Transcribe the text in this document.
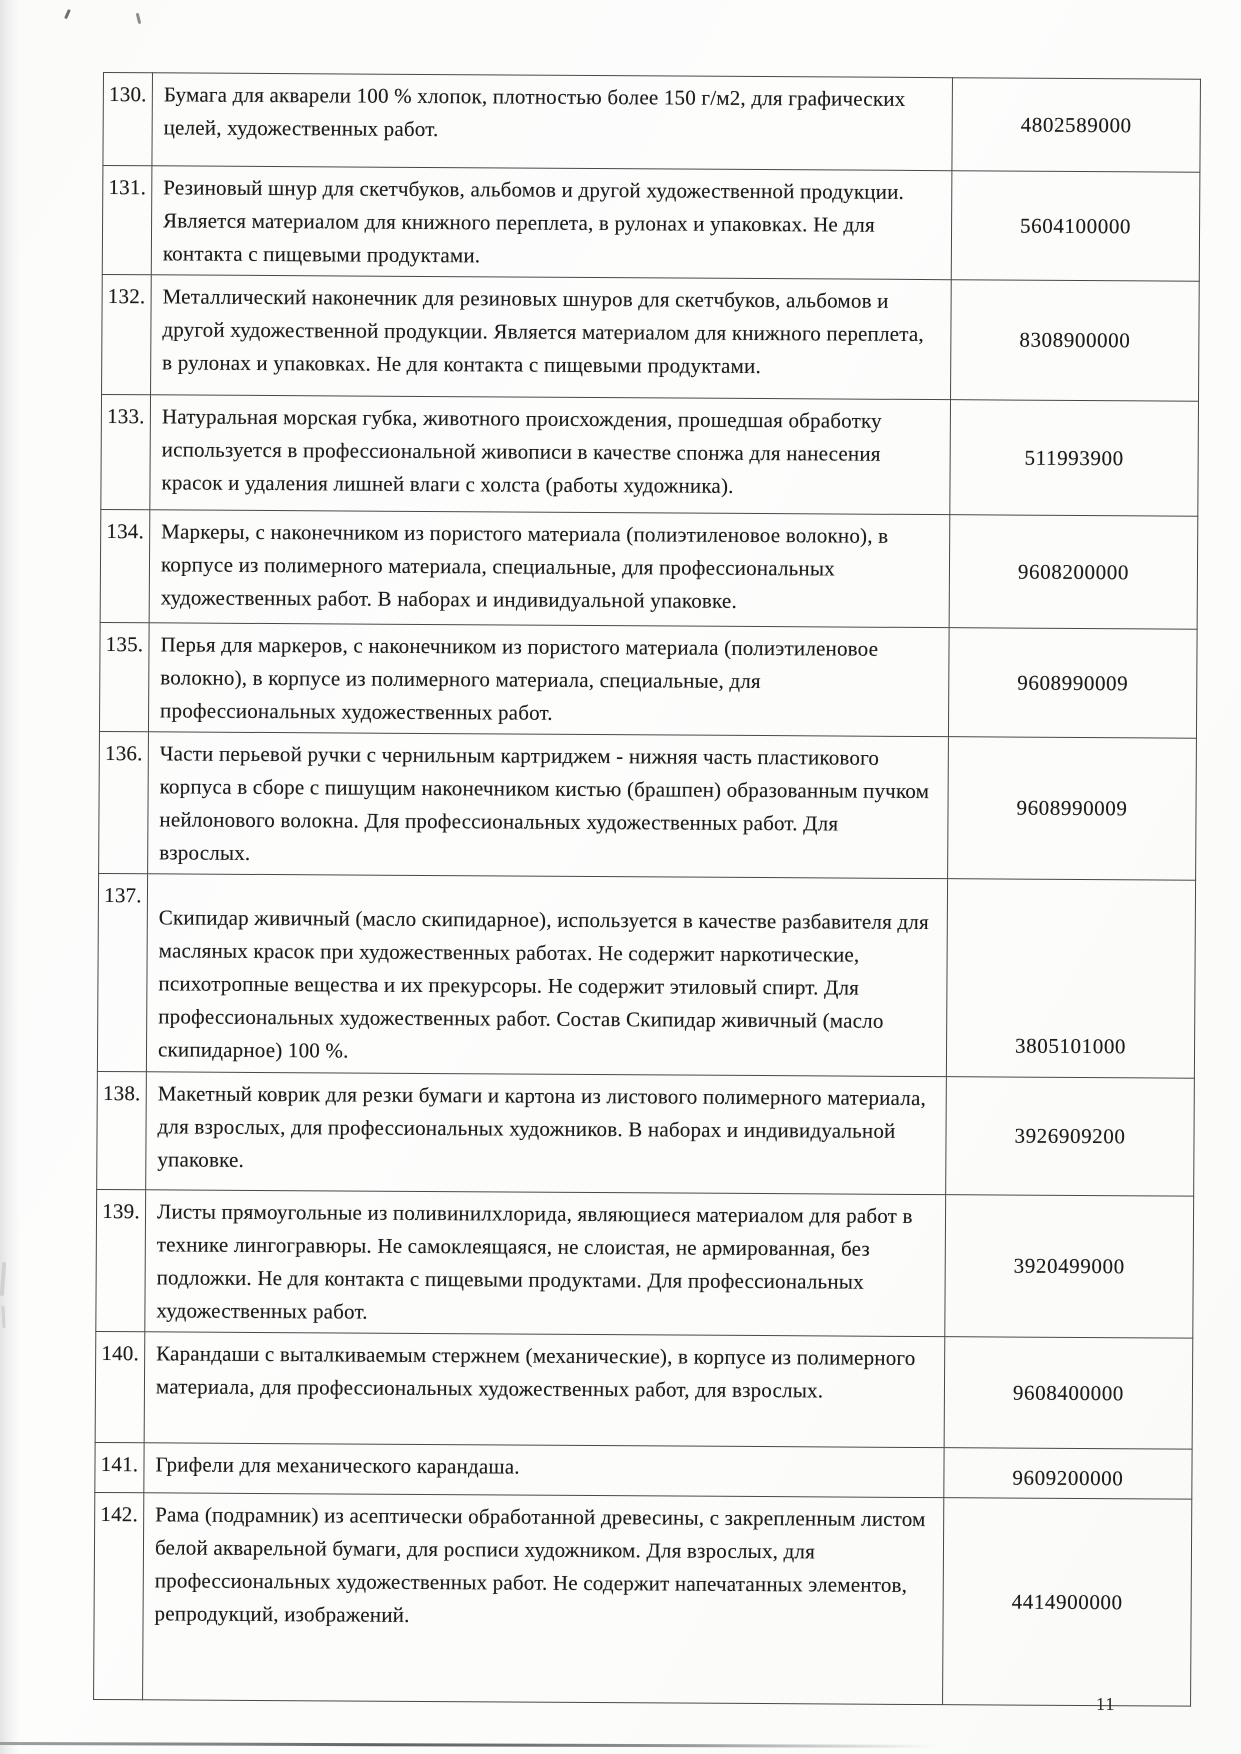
130.	Бумага для акварели 100 % хлопок, плотностью более 150 г/м2, для графических целей, художественных работ.	4802589000
131.	Резиновый шнур для скетчбуков, альбомов и другой художественной продукции. Является материалом для книжного переплета, в рулонах и упаковках. Не для контакта с пищевыми продуктами.	5604100000
132.	Металлический наконечник для резиновых шнуров для скетчбуков, альбомов и другой художественной продукции. Является материалом для книжного переплета, в рулонах и упаковках. Не для контакта с пищевыми продуктами.	8308900000
133.	Натуральная морская губка, животного происхождения, прошедшая обработку используется в профессиональной живописи в качестве спонжа для нанесения красок и удаления лишней влаги с холста (работы художника).	511993900
134.	Маркеры, с наконечником из пористого материала (полиэтиленовое волокно), в корпусе из полимерного материала, специальные, для профессиональных художественных работ. В наборах и индивидуальной упаковке.	9608200000
135.	Перья для маркеров, с наконечником из пористого материала (полиэтиленовое волокно), в корпусе из полимерного материала, специальные, для профессиональных художественных работ.	9608990009
136.	Части перьевой ручки с чернильным картриджем - нижняя часть пластикового корпуса в сборе с пишущим наконечником кистью (брашпен) образованным пучком нейлонового волокна. Для профессиональных художественных работ. Для взрослых.	9608990009
137.	Скипидар живичный (масло скипидарное), используется в качестве разбавителя для масляных красок при художественных работах. Не содержит наркотические, психотропные вещества и их прекурсоры. Не содержит этиловый спирт. Для профессиональных художественных работ. Состав Скипидар живичный (масло скипидарное) 100 %.	3805101000
138.	Макетный коврик для резки бумаги и картона из листового полимерного материала, для взрослых, для профессиональных художников. В наборах и индивидуальной упаковке.	3926909200
139.	Листы прямоугольные из поливинилхлорида, являющиеся материалом для работ в технике лингогравюры. Не самоклеящаяся, не слоистая, не армированная, без подложки. Не для контакта с пищевыми продуктами. Для профессиональных художественных работ.	3920499000
140.	Карандаши с выталкиваемым стержнем (механические), в корпусе из полимерного материала, для профессиональных художественных работ, для взрослых.	9608400000
141.	Грифели для механического карандаша.	9609200000
142.	Рама (подрамник) из асептически обработанной древесины, с закрепленным листом белой акварельной бумаги, для росписи художником. Для взрослых, для профессиональных художественных работ. Не содержит напечатанных элементов, репродукций, изображений.	4414900000
11
